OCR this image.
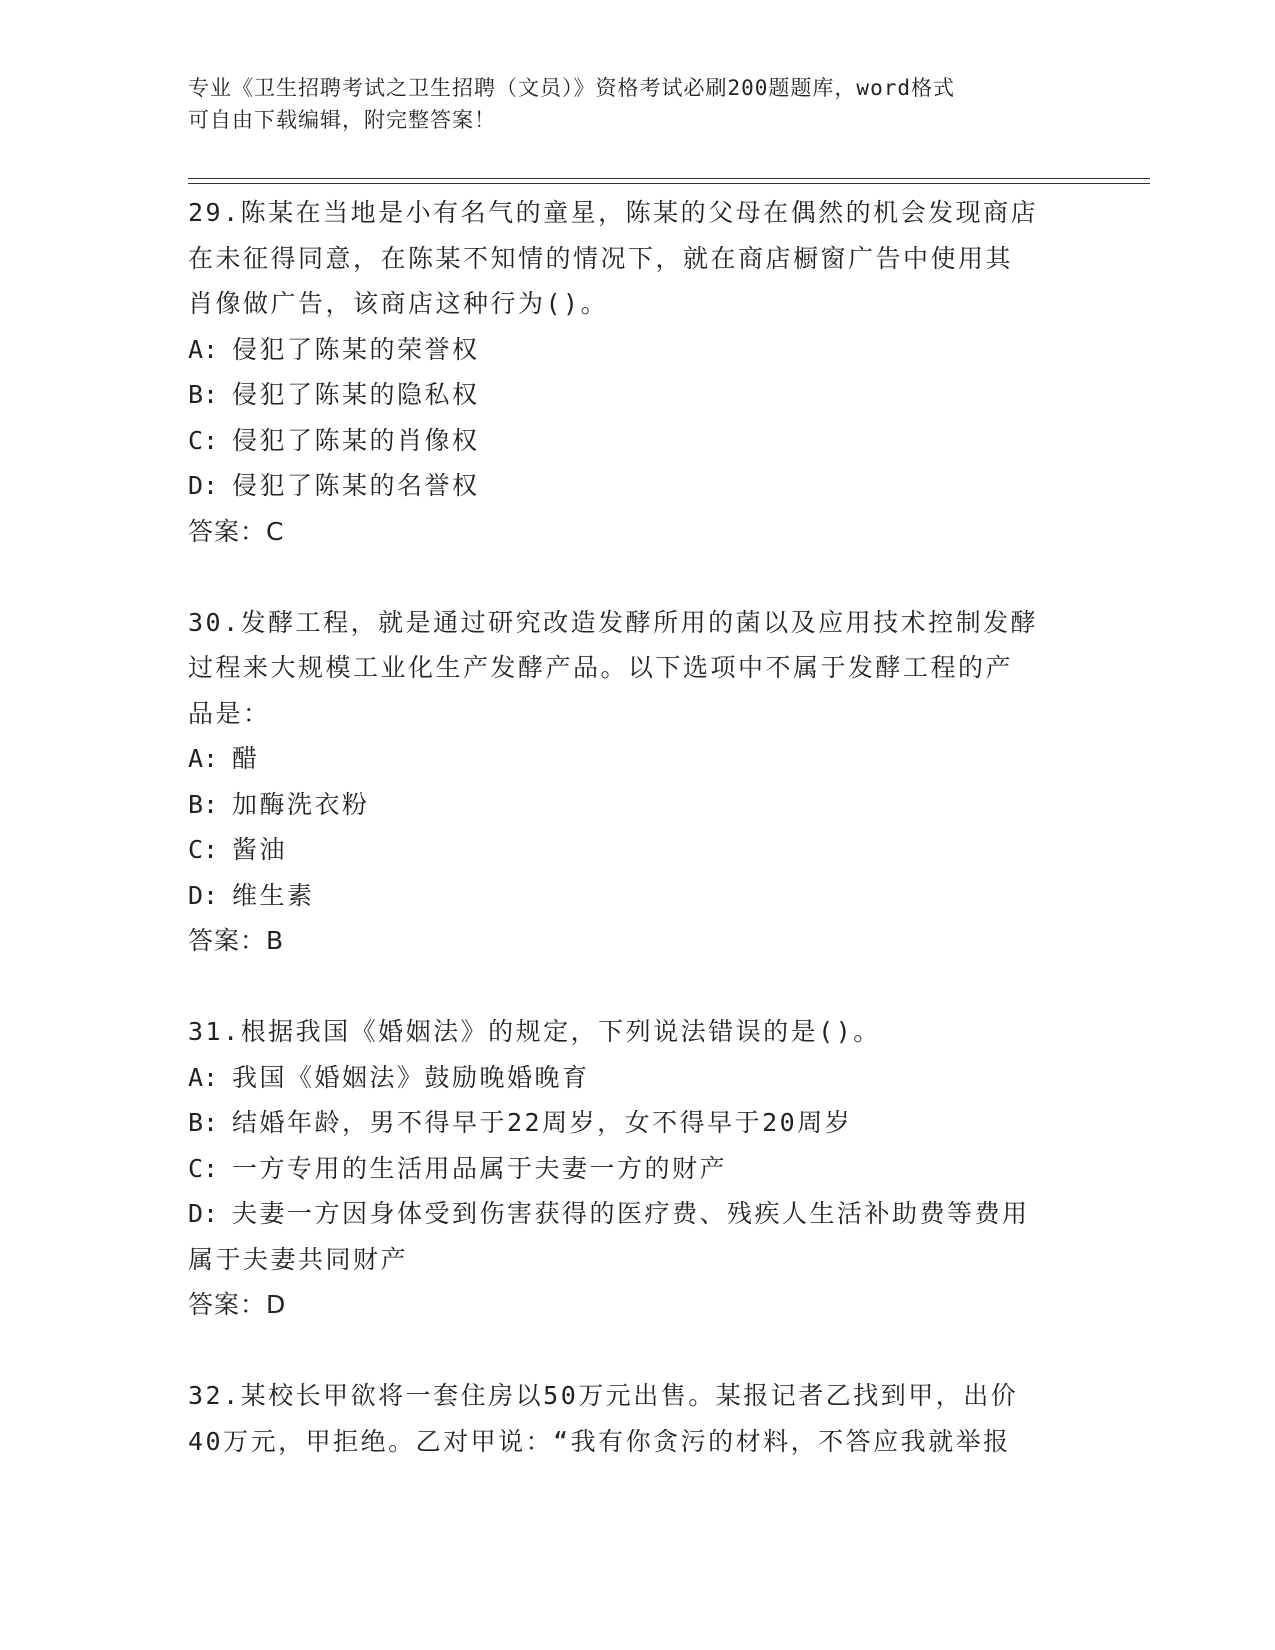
专业《卫生招聘考试之卫生招聘（文员）》资格考试必刷200题题库，word格式
可自由下载编辑，附完整答案！
29.陈某在当地是小有名气的童星，陈某的父母在偶然的机会发现商店
在未征得同意，在陈某不知情的情况下，就在商店橱窗广告中使用其
肖像做广告，该商店这种行为()。
A: 侵犯了陈某的荣誉权
B: 侵犯了陈某的隐私权
C: 侵犯了陈某的肖像权
D: 侵犯了陈某的名誉权
答案：C
30.发酵工程，就是通过研究改造发酵所用的菌以及应用技术控制发酵
过程来大规模工业化生产发酵产品。以下选项中不属于发酵工程的产
品是：
A: 醋
B: 加酶洗衣粉
C: 酱油
D: 维生素
答案：B
31.根据我国《婚姻法》的规定，下列说法错误的是()。
A: 我国《婚姻法》鼓励晚婚晚育
B: 结婚年龄，男不得早于22周岁，女不得早于20周岁
C: 一方专用的生活用品属于夫妻一方的财产
D: 夫妻一方因身体受到伤害获得的医疗费、残疾人生活补助费等费用
属于夫妻共同财产
答案：D
32.某校长甲欲将一套住房以50万元出售。某报记者乙找到甲，出价
40万元，甲拒绝。乙对甲说：“我有你贪污的材料，不答应我就举报
